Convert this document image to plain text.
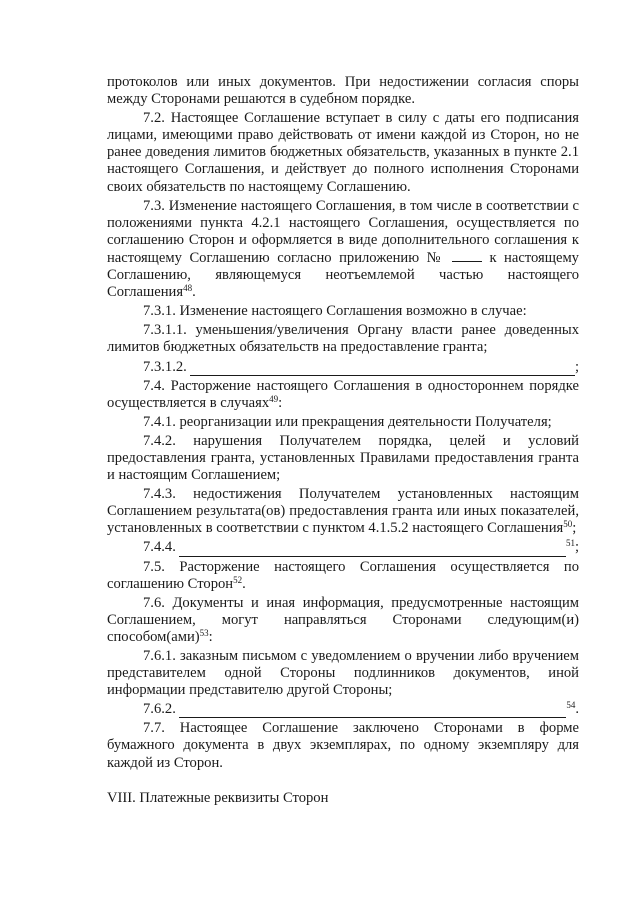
протоколов или иных документов. При недостижении согласия споры между Сторонами решаются в судебном порядке.

7.2. Настоящее Соглашение вступает в силу с даты его подписания лицами, имеющими право действовать от имени каждой из Сторон, но не ранее доведения лимитов бюджетных обязательств, указанных в пункте 2.1 настоящего Соглашения, и действует до полного исполнения Сторонами своих обязательств по настоящему Соглашению.

7.3. Изменение настоящего Соглашения, в том числе в соответствии с положениями пункта 4.2.1 настоящего Соглашения, осуществляется по соглашению Сторон и оформляется в виде дополнительного соглашения к настоящему Соглашению согласно приложению №  к настоящему Соглашению, являющемуся неотъемлемой частью настоящего Соглашения$^{48}$.

7.3.1. Изменение настоящего Соглашения возможно в случае:

7.3.1.1. уменьшения/увеличения Органу власти ранее доведенных лимитов бюджетных обязательств на предоставление гранта;

7.3.1.2.	;

7.4. Расторжение настоящего Соглашения в одностороннем порядке осуществляется в случаях$^{49}$:

7.4.1. реорганизации или прекращения деятельности Получателя;

7.4.2. нарушения Получателем порядка, целей и условий предоставления гранта, установленных Правилами предоставления гранта и настоящим Соглашением;

7.4.3. недостижения Получателем установленных настоящим Соглашением результата(ов) предоставления гранта или иных показателей, установленных в соответствии с пунктом 4.1.5.2 настоящего Соглашения$^{50}$;

7.4.4.	$^{51}$;

7.5. Расторжение настоящего Соглашения осуществляется по соглашению Сторон$^{52}$.

7.6. Документы и иная информация, предусмотренные настоящим Соглашением, могут направляться Сторонами следующим(и) способом(ами)$^{53}$:

7.6.1. заказным письмом с уведомлением о вручении либо вручением представителем одной Стороны подлинников документов, иной информации представителю другой Стороны;

7.6.2.	$^{54}$.

7.7. Настоящее Соглашение заключено Сторонами в форме бумажного документа в двух экземплярах, по одному экземпляру для каждой из Сторон.

VIII. Платежные реквизиты Сторон
